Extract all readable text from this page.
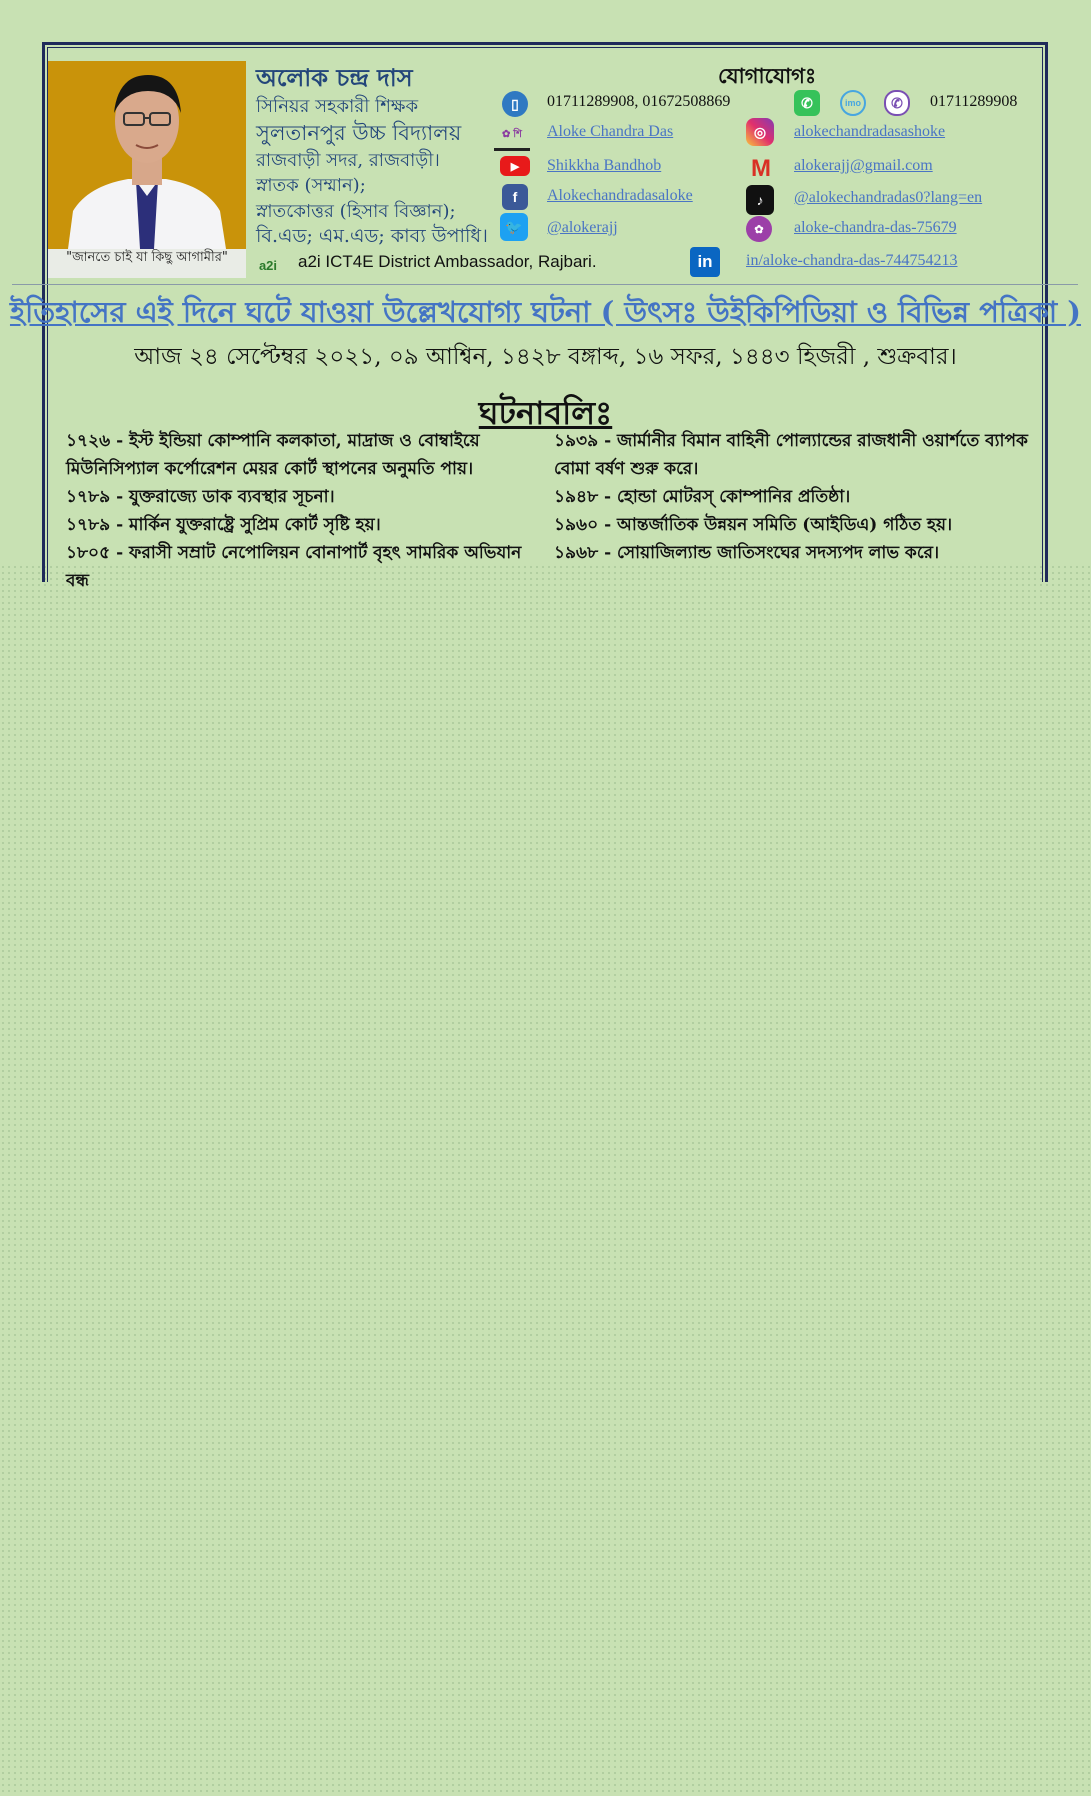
"জানতে চাই যা কিছু আগামীর"
অলোক চন্দ্র দাস
সিনিয়র সহকারী শিক্ষক
সুলতানপুর উচ্চ বিদ্যালয়
রাজবাড়ী সদর, রাজবাড়ী।
স্নাতক (সম্মান);
স্নাতকোত্তর (হিসাব বিজ্ঞান);
বি.এড; এম.এড; কাব্য উপাধি।
a2i a2i ICT4E District Ambassador, Rajbari.
যোগাযোগঃ
▯	01711289908, 01672508869	✆	imo	✆	01711289908
✿ শি	Aloke Chandra Das	◎	alokechandradasashoke
▶	Shikkha Bandhob	M	alokerajj@gmail.com
f	Alokechandradasaloke	♪	@alokechandradas0?lang=en
🐦	@alokerajj	✿	aloke-chandra-das-75679
in	in/aloke-chandra-das-744754213
ইতিহাসের এই দিনে ঘটে যাওয়া উল্লেখযোগ্য ঘটনা ( উৎসঃ উইকিপিডিয়া ও বিভিন্ন পত্রিকা )
আজ ২৪ সেপ্টেম্বর ২০২১, ০৯ আশ্বিন, ১৪২৮ বঙ্গাব্দ, ১৬ সফর, ১৪৪৩ হিজরী , শুক্রবার।
ঘটনাবলিঃ

১৭২৬ - ইস্ট ইন্ডিয়া কোম্পানি কলকাতা, মাদ্রাজ ও বোম্বাইয়ে মিউনিসিপ্যাল কর্পোরেশন মেয়র কোর্ট স্থাপনের অনুমতি পায়।

১৭৮৯ - যুক্তরাজ্যে ডাক ব্যবস্থার সূচনা।

১৭৮৯ - মার্কিন যুক্তরাষ্ট্রে সুপ্রিম কোর্ট সৃষ্টি হয়।

১৮০৫ - ফরাসী সম্রাট নেপোলিয়ন বোনাপার্ট বৃহৎ সামরিক অভিযান বন্ধ

১৯৩৯ - জার্মানীর বিমান বাহিনী পোল্যান্ডের রাজধানী ওয়ার্শতে ব্যাপক বোমা বর্ষণ শুরু করে।

১৯৪৮ - হোন্ডা মোটরস্ কোম্পানির প্রতিষ্ঠা।

১৯৬০ - আন্তর্জাতিক উন্নয়ন সমিতি (আইডিএ) গঠিত হয়।

১৯৬৮ - সোয়াজিল্যান্ড জাতিসংঘের সদস্যপদ লাভ করে।
